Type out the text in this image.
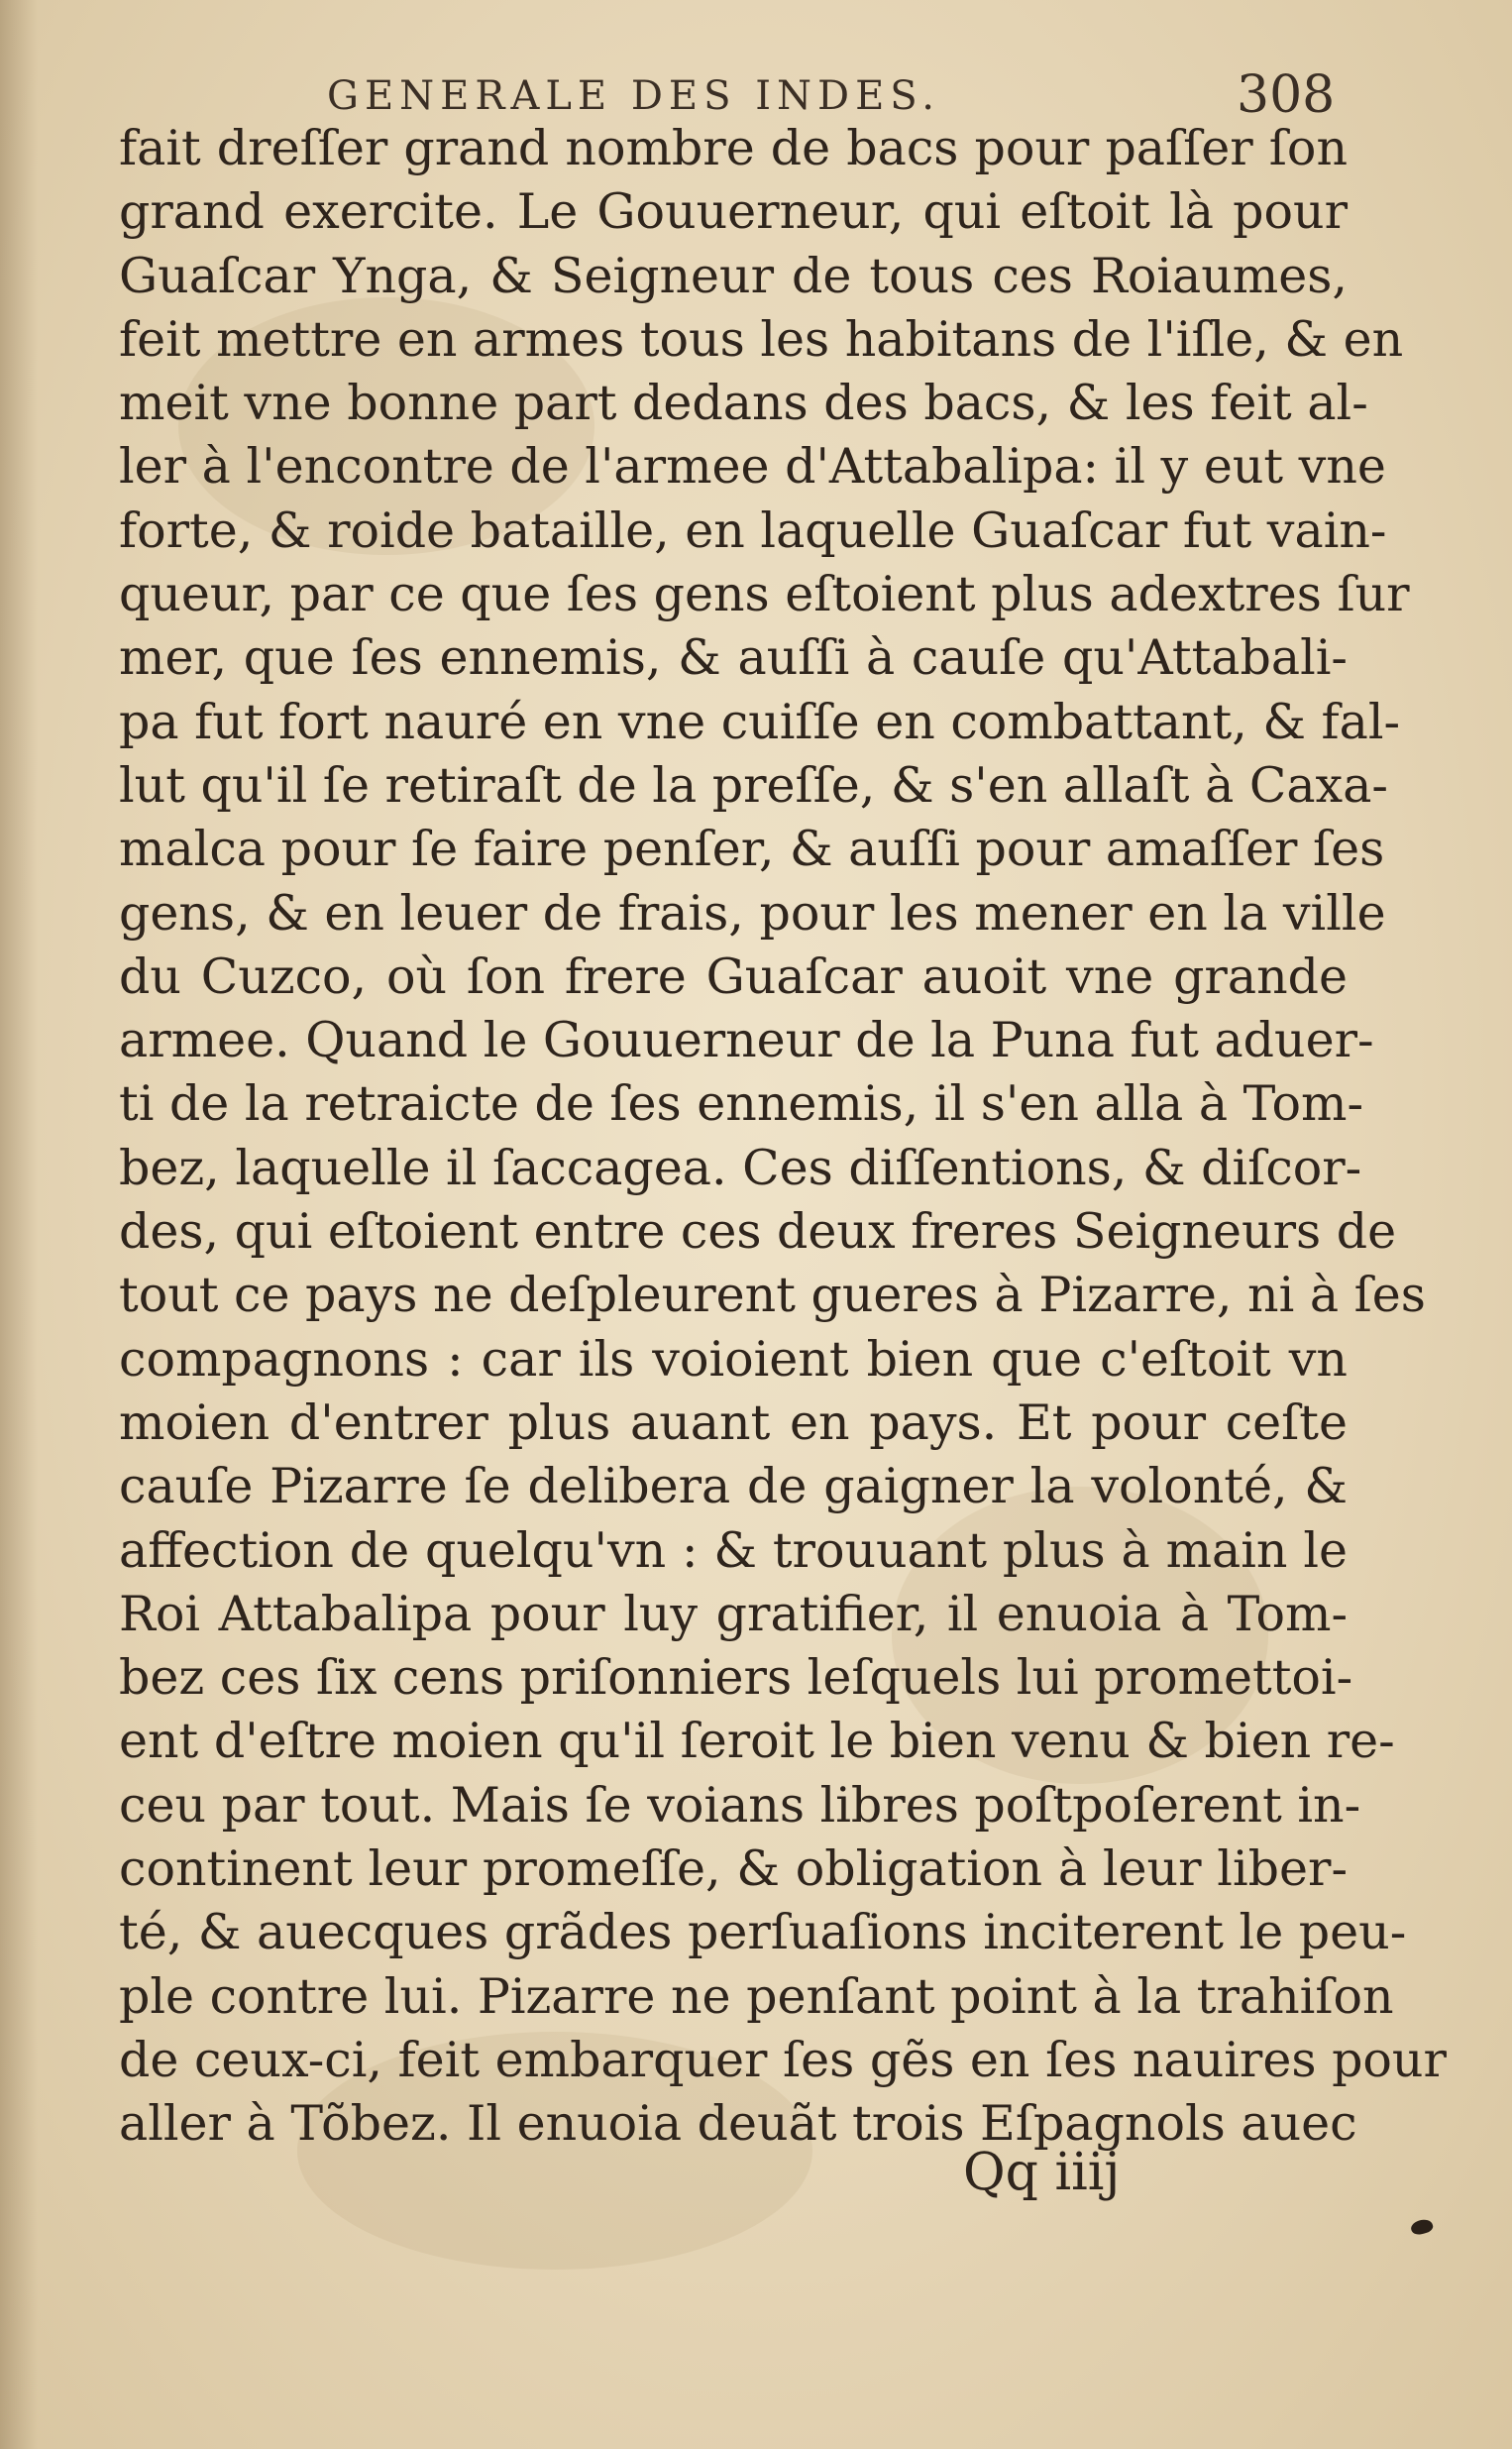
GENERALE DES INDES.	308
fait dreſſer grand nombre de bacs pour paſſer ſon
grand exercite. Le Gouuerneur, qui eſtoit là pour
Guaſcar Ynga, & Seigneur de tous ces Roiaumes,
feit mettre en armes tous les habitans de l'iſle, & en
meit vne bonne part dedans des bacs, & les feit al-
ler à l'encontre de l'armee d'Attabalipa: il y eut vne
forte, & roide bataille, en laquelle Guaſcar fut vain-
queur, par ce que ſes gens eſtoient plus adextres ſur
mer, que ſes ennemis, & auſſi à cauſe qu'Attabali-
pa fut fort nauré en vne cuiſſe en combattant, & fal-
lut qu'il ſe retiraſt de la preſſe, & s'en allaſt à Caxa-
malca pour ſe faire penſer, & auſſi pour amaſſer ſes
gens, & en leuer de frais, pour les mener en la ville
du Cuzco, où ſon frere Guaſcar auoit vne grande
armee. Quand le Gouuerneur de la Puna fut aduer-
ti de la retraicte de ſes ennemis, il s'en alla à Tom-
bez, laquelle il ſaccagea. Ces diſſentions, & diſcor-
des, qui eſtoient entre ces deux freres Seigneurs de
tout ce pays ne deſpleurent gueres à Pizarre, ni à ſes
compagnons : car ils voioient bien que c'eſtoit vn
moien d'entrer plus auant en pays. Et pour ceſte
cauſe Pizarre ſe delibera de gaigner la volonté, &
affection de quelqu'vn : & trouuant plus à main le
Roi Attabalipa pour luy gratifier, il enuoia à Tom-
bez ces ſix cens priſonniers leſquels lui promettoi-
ent d'eſtre moien qu'il ſeroit le bien venu & bien re-
ceu par tout. Mais ſe voians libres poſtpoſerent in-
continent leur promeſſe, & obligation à leur liber-
té, & auecques grãdes perſuaſions inciterent le peu-
ple contre lui. Pizarre ne penſant point à la trahiſon
de ceux-ci, feit embarquer ſes gẽs en ſes nauires pour
aller à Tõbez. Il enuoia deuãt trois Eſpagnols auec
Qq iiij
